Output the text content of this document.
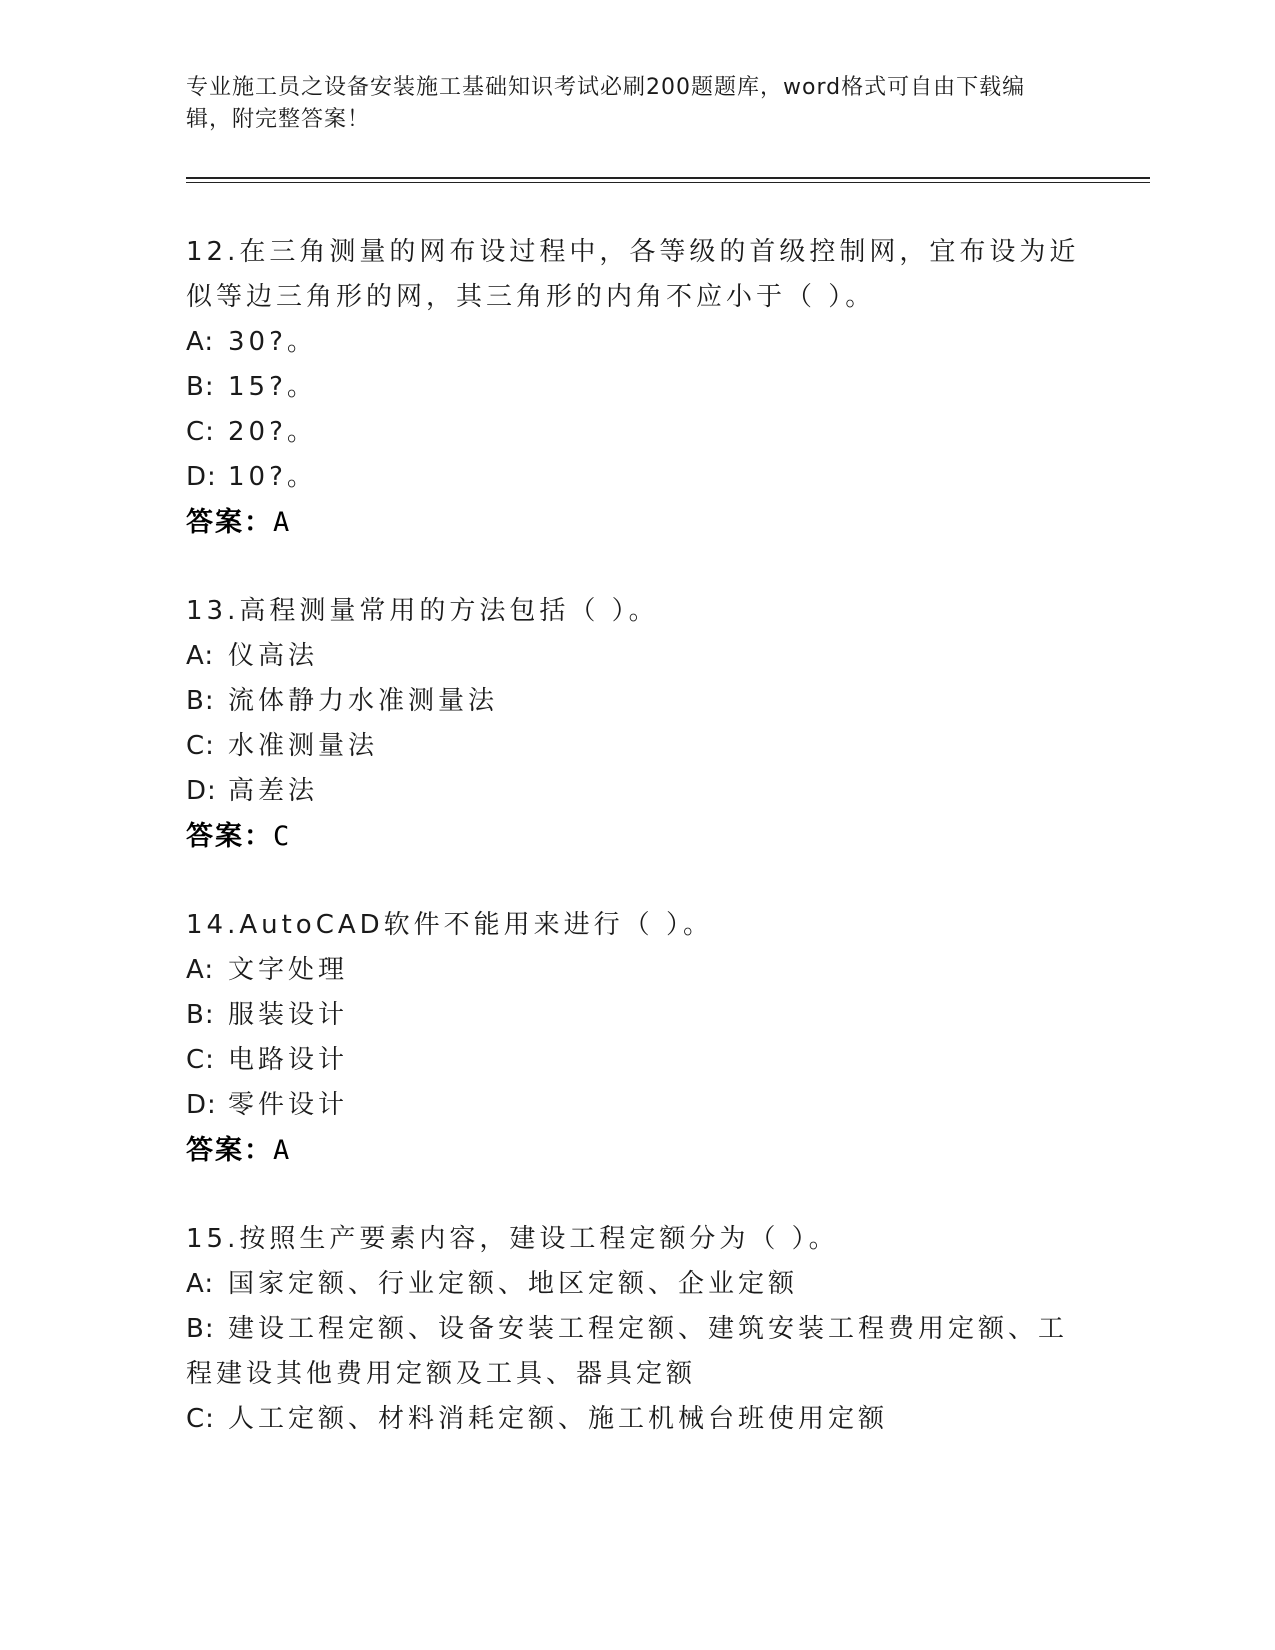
专业施工员之设备安装施工基础知识考试必刷200题题库，word格式可自由下载编辑，附完整答案！

12.在三角测量的网布设过程中，各等级的首级控制网，宜布设为近似等边三角形的网，其三角形的内角不应小于（ ）。

A: 30?。

B: 15?。

C: 20?。

D: 10?。

答案：A

13.高程测量常用的方法包括（ ）。

A: 仪高法

B: 流体静力水准测量法

C: 水准测量法

D: 高差法

答案：C

14.AutoCAD软件不能用来进行（ ）。

A: 文字处理

B: 服装设计

C: 电路设计

D: 零件设计

答案：A

15.按照生产要素内容，建设工程定额分为（ ）。

A: 国家定额、行业定额、地区定额、企业定额

B: 建设工程定额、设备安装工程定额、建筑安装工程费用定额、工程建设其他费用定额及工具、器具定额

C: 人工定额、材料消耗定额、施工机械台班使用定额
